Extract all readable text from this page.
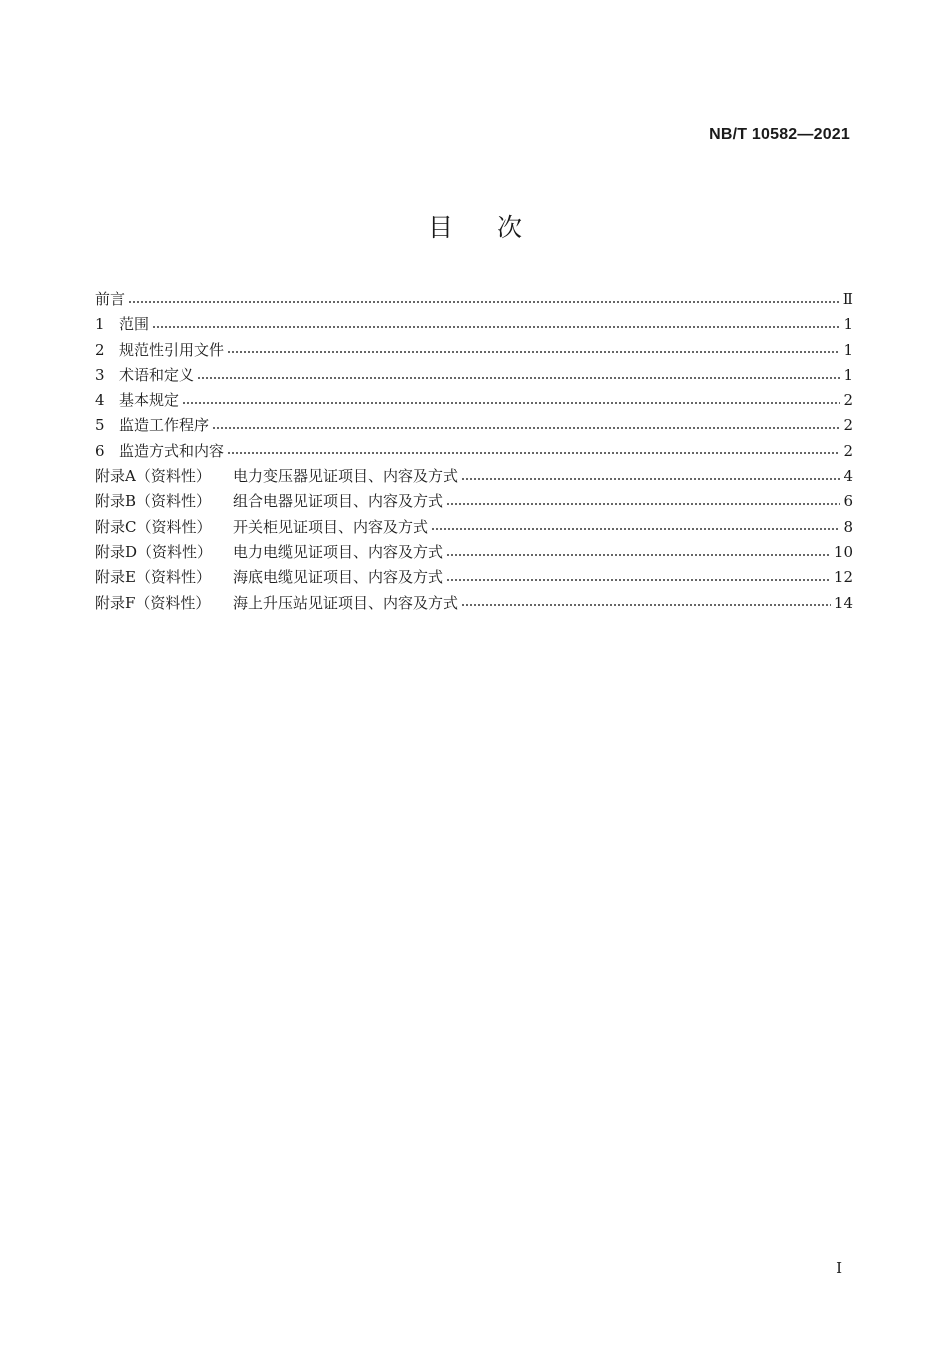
NB/T 10582—2021
目次
前言	Ⅱ
1 范围	1
2 规范性引用文件	1
3 术语和定义	1
4 基本规定	2
5 监造工作程序	2
6 监造方式和内容	2
附录A（资料性）	电力变压器见证项目、内容及方式	4
附录B（资料性）	组合电器见证项目、内容及方式	6
附录C（资料性）	开关柜见证项目、内容及方式	8
附录D（资料性）	电力电缆见证项目、内容及方式	10
附录E（资料性）	海底电缆见证项目、内容及方式	12
附录F（资料性）	海上升压站见证项目、内容及方式	14
I
